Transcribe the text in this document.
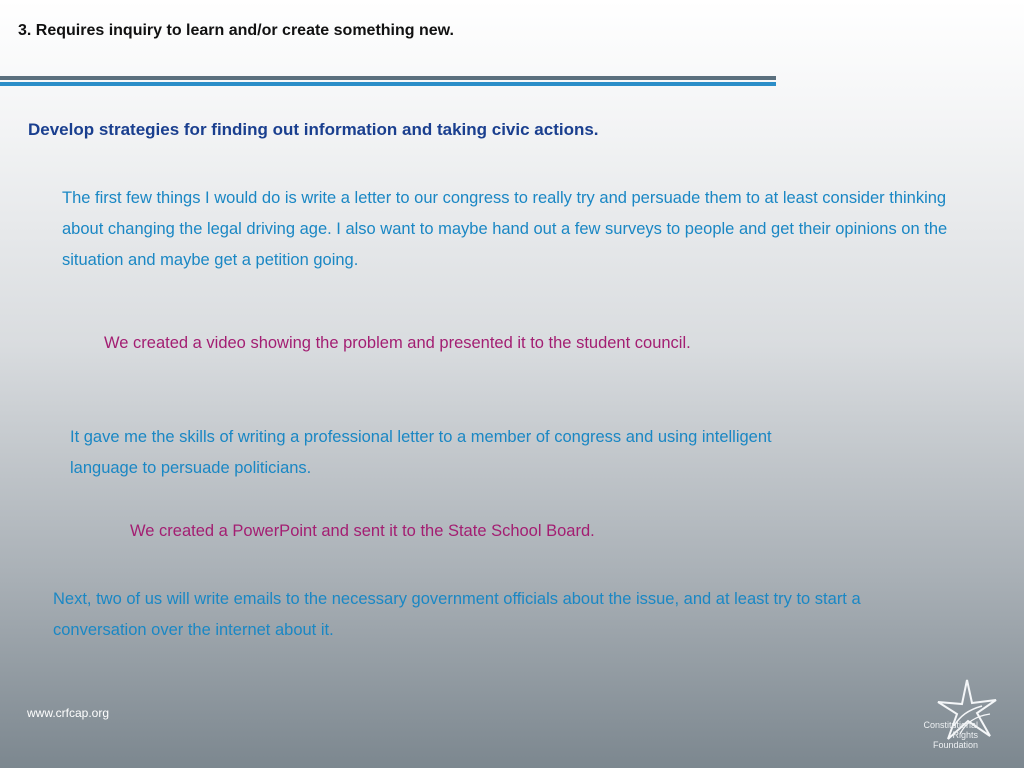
3. Requires inquiry to learn and/or create something new.
Develop strategies for finding out information and taking civic actions.
The first few things I would do is write a letter to our congress to really try and persuade them to at least consider thinking about changing the legal driving age. I also want to maybe hand out a few surveys to people and get their opinions on the situation and maybe get a petition going.
We created a video showing the problem and presented it to the student council.
It gave me the skills of writing a professional letter to a member of congress and using intelligent language to persuade politicians.
We created a PowerPoint and sent it to the State School Board.
Next, two of us will write emails to the necessary government officials about the issue, and at least try to start a conversation over the internet about it.
www.crfcap.org
Constitutional
Rights
Foundation
